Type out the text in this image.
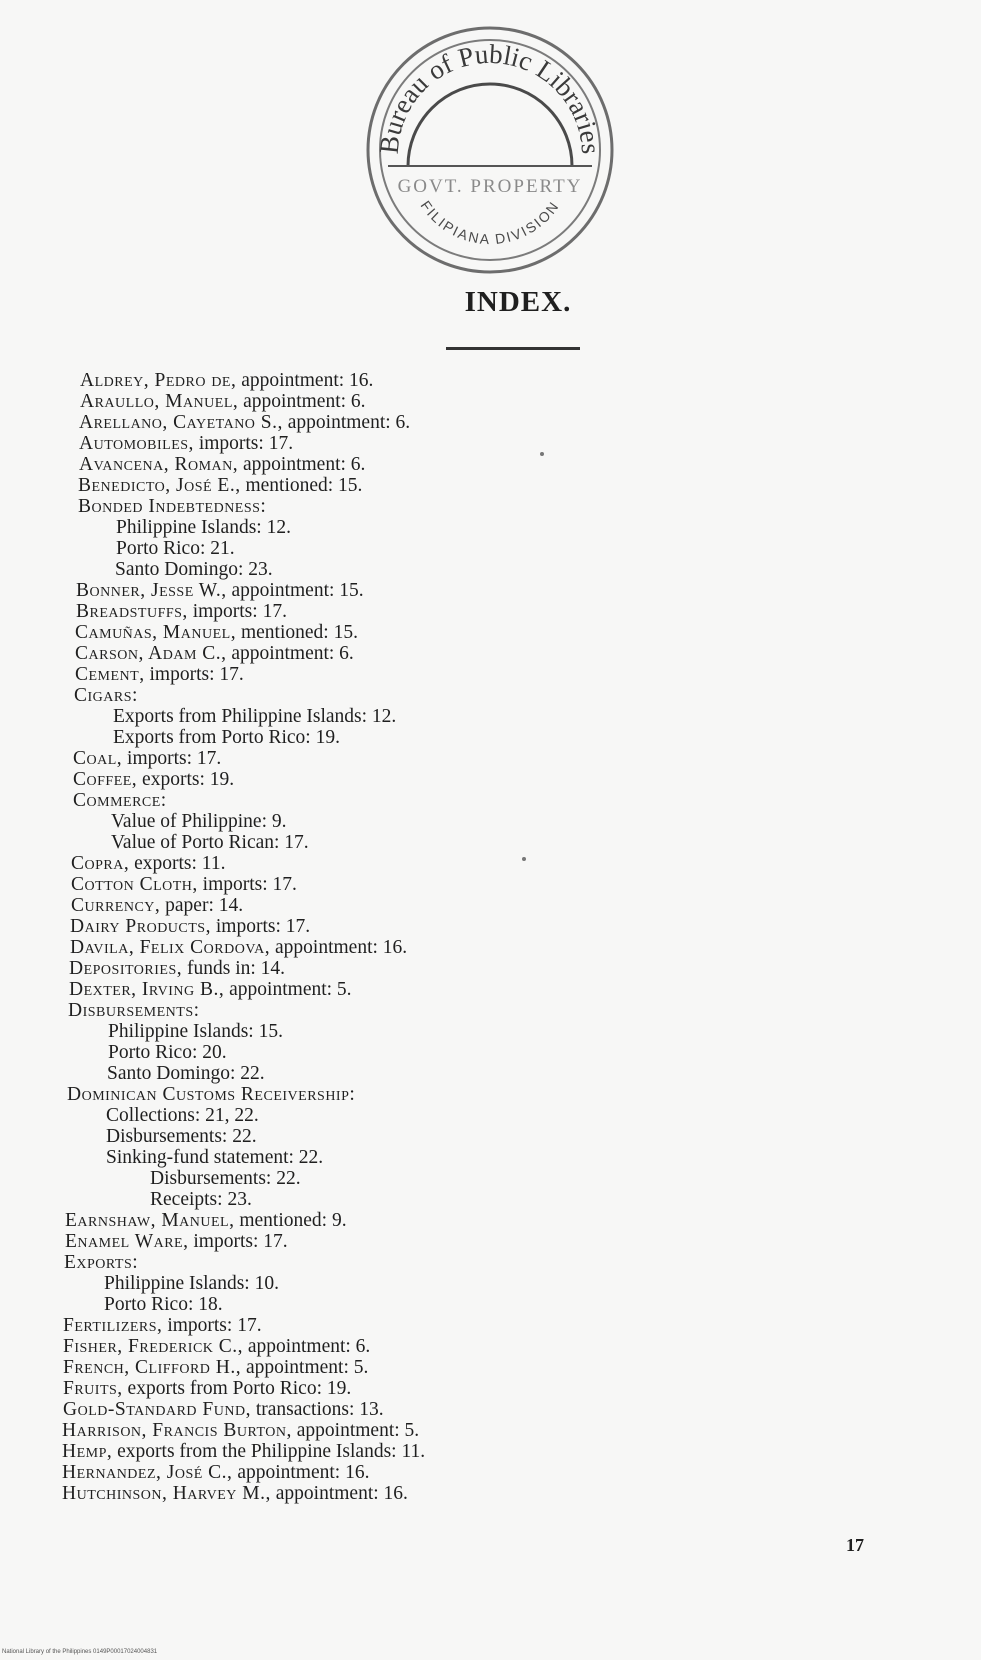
Bureau of Public Libraries
GOVT. PROPERTY
FILIPIANA DIVISION
INDEX.
Aldrey, Pedro de, appointment: 16.
Araullo, Manuel, appointment: 6.
Arellano, Cayetano S., appointment: 6.
Automobiles, imports: 17.
Avancena, Roman, appointment: 6.
Benedicto, José E., mentioned: 15.
Bonded Indebtedness:
Philippine Islands: 12.
Porto Rico: 21.
Santo Domingo: 23.
Bonner, Jesse W., appointment: 15.
Breadstuffs, imports: 17.
Camuñas, Manuel, mentioned: 15.
Carson, Adam C., appointment: 6.
Cement, imports: 17.
Cigars:
Exports from Philippine Islands: 12.
Exports from Porto Rico: 19.
Coal, imports: 17.
Coffee, exports: 19.
Commerce:
Value of Philippine: 9.
Value of Porto Rican: 17.
Copra, exports: 11.
Cotton Cloth, imports: 17.
Currency, paper: 14.
Dairy Products, imports: 17.
Davila, Felix Cordova, appointment: 16.
Depositories, funds in: 14.
Dexter, Irving B., appointment: 5.
Disbursements:
Philippine Islands: 15.
Porto Rico: 20.
Santo Domingo: 22.
Dominican Customs Receivership:
Collections: 21, 22.
Disbursements: 22.
Sinking-fund statement: 22.
Disbursements: 22.
Receipts: 23.
Earnshaw, Manuel, mentioned: 9.
Enamel Ware, imports: 17.
Exports:
Philippine Islands: 10.
Porto Rico: 18.
Fertilizers, imports: 17.
Fisher, Frederick C., appointment: 6.
French, Clifford H., appointment: 5.
Fruits, exports from Porto Rico: 19.
Gold-Standard Fund, transactions: 13.
Harrison, Francis Burton, appointment: 5.
Hemp, exports from the Philippine Islands: 11.
Hernandez, José C., appointment: 16.
Hutchinson, Harvey M., appointment: 16.
17
National Library of the Philippines 0149P00017024004831
